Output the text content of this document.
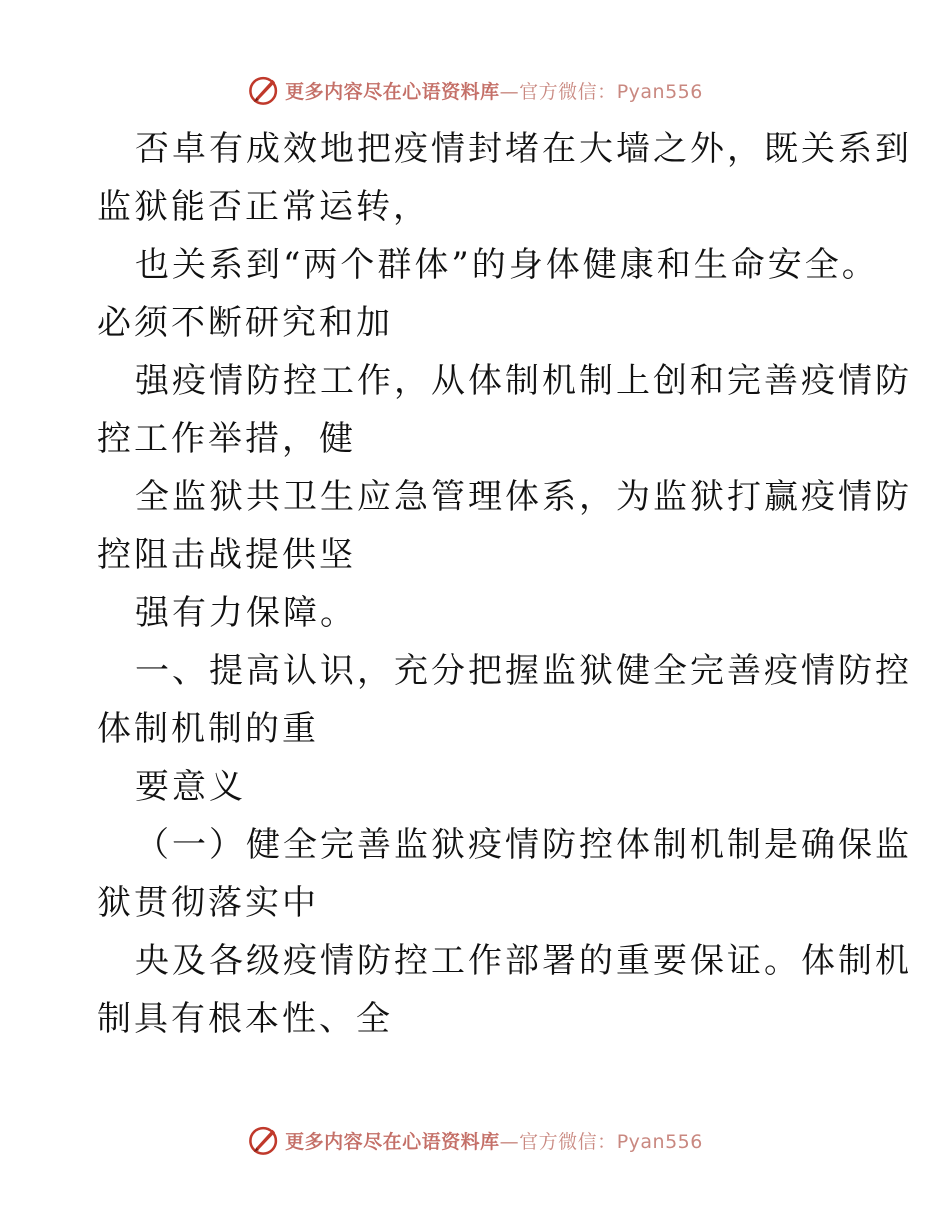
更多内容尽在心语资料库—官方微信：Pyan556
否卓有成效地把疫情封堵在大墙之外，既关系到
监狱能否正常运转，
也关系到“两个群体”的身体健康和生命安全。
必须不断研究和加
强疫情防控工作，从体制机制上创和完善疫情防
控工作举措，健
全监狱共卫生应急管理体系，为监狱打赢疫情防
控阻击战提供坚
强有力保障。
一、提高认识，充分把握监狱健全完善疫情防控
体制机制的重
要意义
（一）健全完善监狱疫情防控体制机制是确保监
狱贯彻落实中
央及各级疫情防控工作部署的重要保证。体制机
制具有根本性、全
更多内容尽在心语资料库—官方微信：Pyan556
